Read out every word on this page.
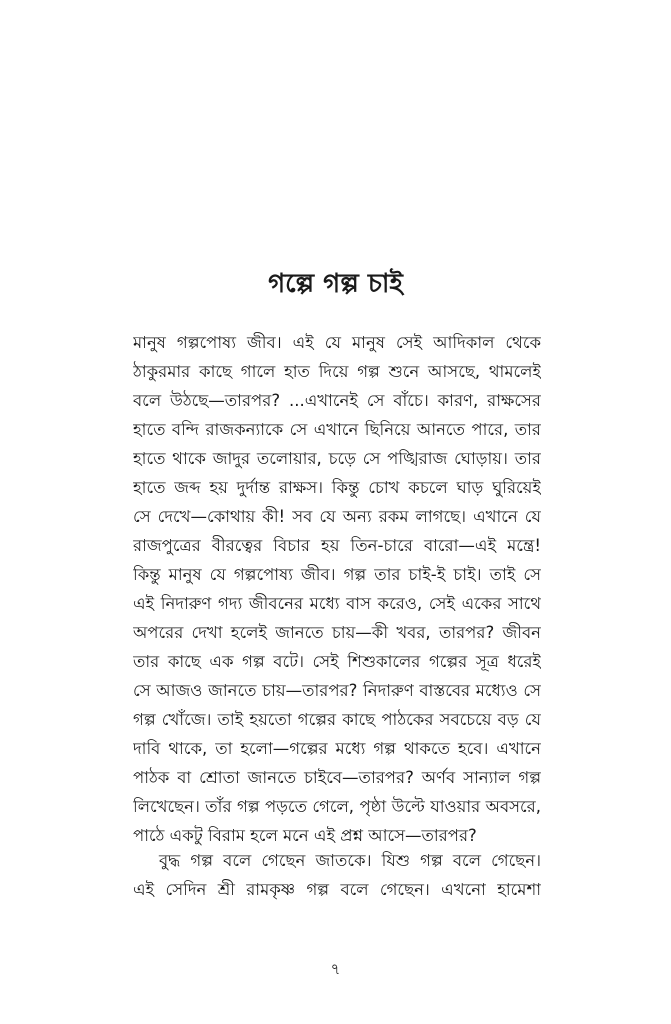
গল্পে গল্প চাই
মানুষ গল্পপোষ্য জীব। এই যে মানুষ সেই আদিকাল থেকে
ঠাকুরমার কাছে গালে হাত দিয়ে গল্প শুনে আসছে, থামলেই
বলে উঠছে—তারপর? ...এখানেই সে বাঁচে। কারণ, রাক্ষসের
হাতে বন্দি রাজকন্যাকে সে এখানে ছিনিয়ে আনতে পারে, তার
হাতে থাকে জাদুর তলোয়ার, চড়ে সে পঙ্খিরাজ ঘোড়ায়। তার
হাতে জব্দ হয় দুর্দান্ত রাক্ষস। কিন্তু চোখ কচলে ঘাড় ঘুরিয়েই
সে দেখে—কোথায় কী! সব যে অন্য রকম লাগছে। এখানে যে
রাজপুত্রের বীরত্বের বিচার হয় তিন-চারে বারো—এই মন্ত্রে!
কিন্তু মানুষ যে গল্পপোষ্য জীব। গল্প তার চাই-ই চাই। তাই সে
এই নিদারুণ গদ্য জীবনের মধ্যে বাস করেও, সেই একের সাথে
অপরের দেখা হলেই জানতে চায়—কী খবর, তারপর? জীবন
তার কাছে এক গল্প বটে। সেই শিশুকালের গল্পের সূত্র ধরেই
সে আজও জানতে চায়—তারপর? নিদারুণ বাস্তবের মধ্যেও সে
গল্প খোঁজে। তাই হয়তো গল্পের কাছে পাঠকের সবচেয়ে বড় যে
দাবি থাকে, তা হলো—গল্পের মধ্যে গল্প থাকতে হবে। এখানে
পাঠক বা শ্রোতা জানতে চাইবে—তারপর? অর্ণব সান্যাল গল্প
লিখেছেন। তাঁর গল্প পড়তে গেলে, পৃষ্ঠা উল্টে যাওয়ার অবসরে,
পাঠে একটু বিরাম হলে মনে এই প্রশ্ন আসে—তারপর?
বুদ্ধ গল্প বলে গেছেন জাতকে। যিশু গল্প বলে গেছেন।
এই সেদিন শ্রী রামকৃষ্ণ গল্প বলে গেছেন। এখনো হামেশা
৭
